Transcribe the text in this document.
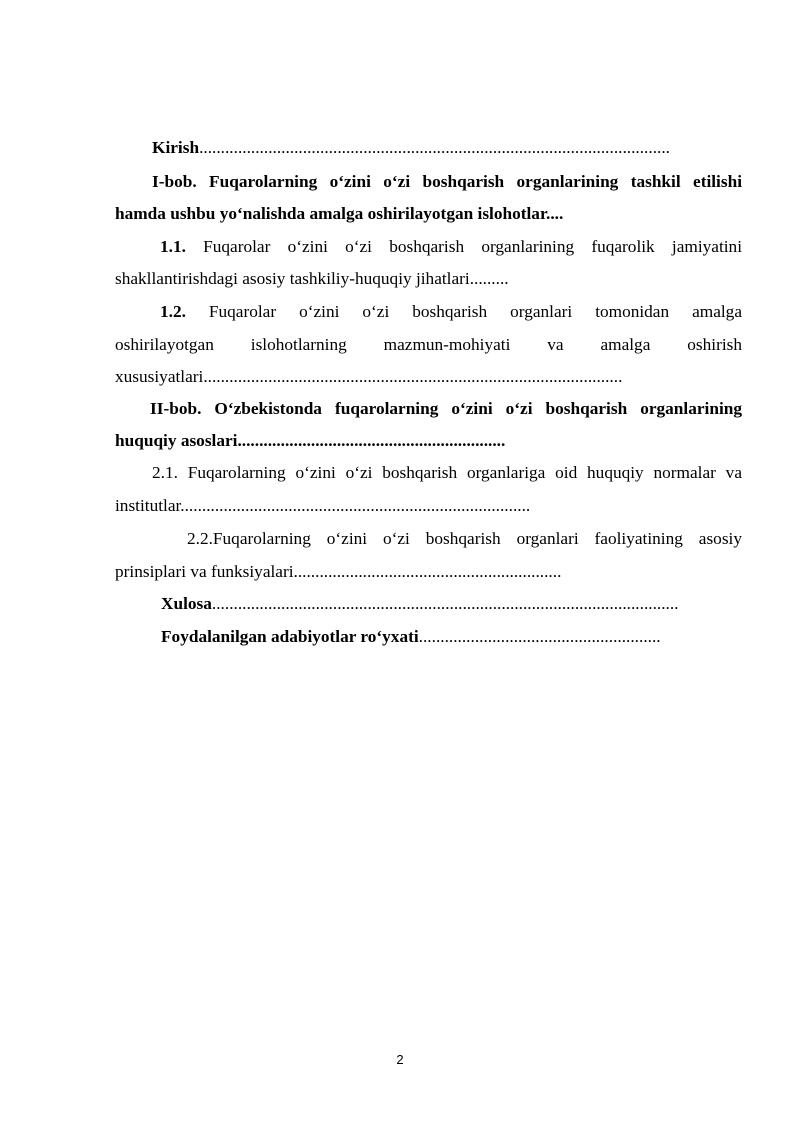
Kirish.............................................................................................................
I-bob. Fuqarolarning o‘zini o‘zi boshqarish organlarining tashkil etilishi
hamda ushbu yo‘nalishda amalga oshirilayotgan islohotlar....
1.1. Fuqarolar o‘zini o‘zi boshqarish organlarining fuqarolik jamiyatini
shakllantirishdagi asosiy tashkiliy-huquqiy jihatlari.........
1.2. Fuqarolar o‘zini o‘zi boshqarish organlari tomonidan amalga
oshirilayotgan islohotlarning mazmun-mohiyati va amalga oshirish
xususiyatlari.................................................................................................
II-bob. O‘zbekistonda fuqarolarning o‘zini o‘zi boshqarish organlarining
huquqiy asoslari..............................................................
2.1. Fuqarolarning o‘zini o‘zi boshqarish organlariga oid huquqiy normalar va
institutlar.................................................................................
2.2.Fuqarolarning o‘zini o‘zi boshqarish organlari faoliyatining asosiy
prinsiplari va funksiyalari..............................................................
Xulosa............................................................................................................
Foydalanilgan adabiyotlar ro‘yxati........................................................
2
